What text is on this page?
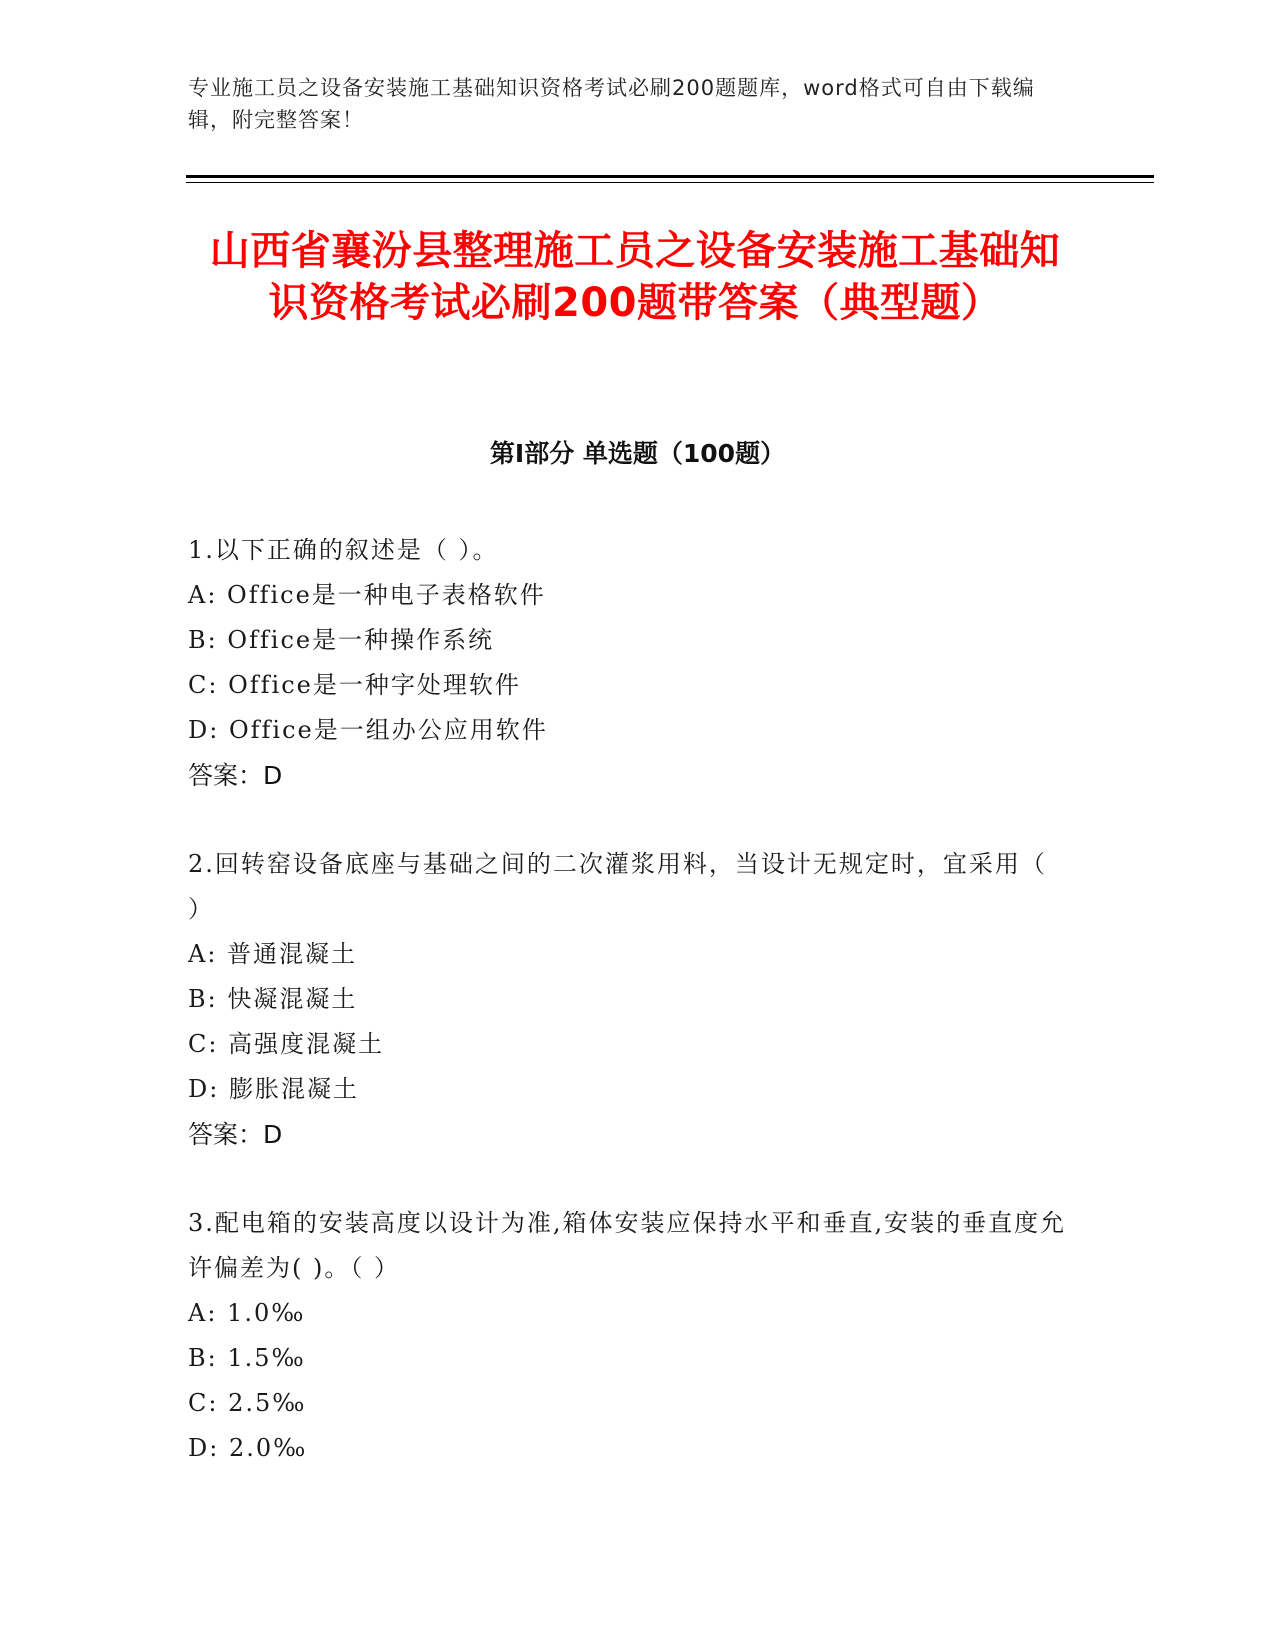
专业施工员之设备安装施工基础知识资格考试必刷200题题库，word格式可自由下载编辑，附完整答案！
山西省襄汾县整理施工员之设备安装施工基础知识资格考试必刷200题带答案（典型题）
第I部分 单选题（100题）

1.以下正确的叙述是（ ）。

A: Office是一种电子表格软件

B: Office是一种操作系统

C: Office是一种字处理软件

D: Office是一组办公应用软件

答案：D

2.回转窑设备底座与基础之间的二次灌浆用料，当设计无规定时，宜采用（ ）

A: 普通混凝土

B: 快凝混凝土

C: 高强度混凝土

D: 膨胀混凝土

答案：D

3.配电箱的安装高度以设计为准,箱体安装应保持水平和垂直,安装的垂直度允许偏差为( )。（ ）

A: 1.0‰

B: 1.5‰

C: 2.5‰

D: 2.0‰
